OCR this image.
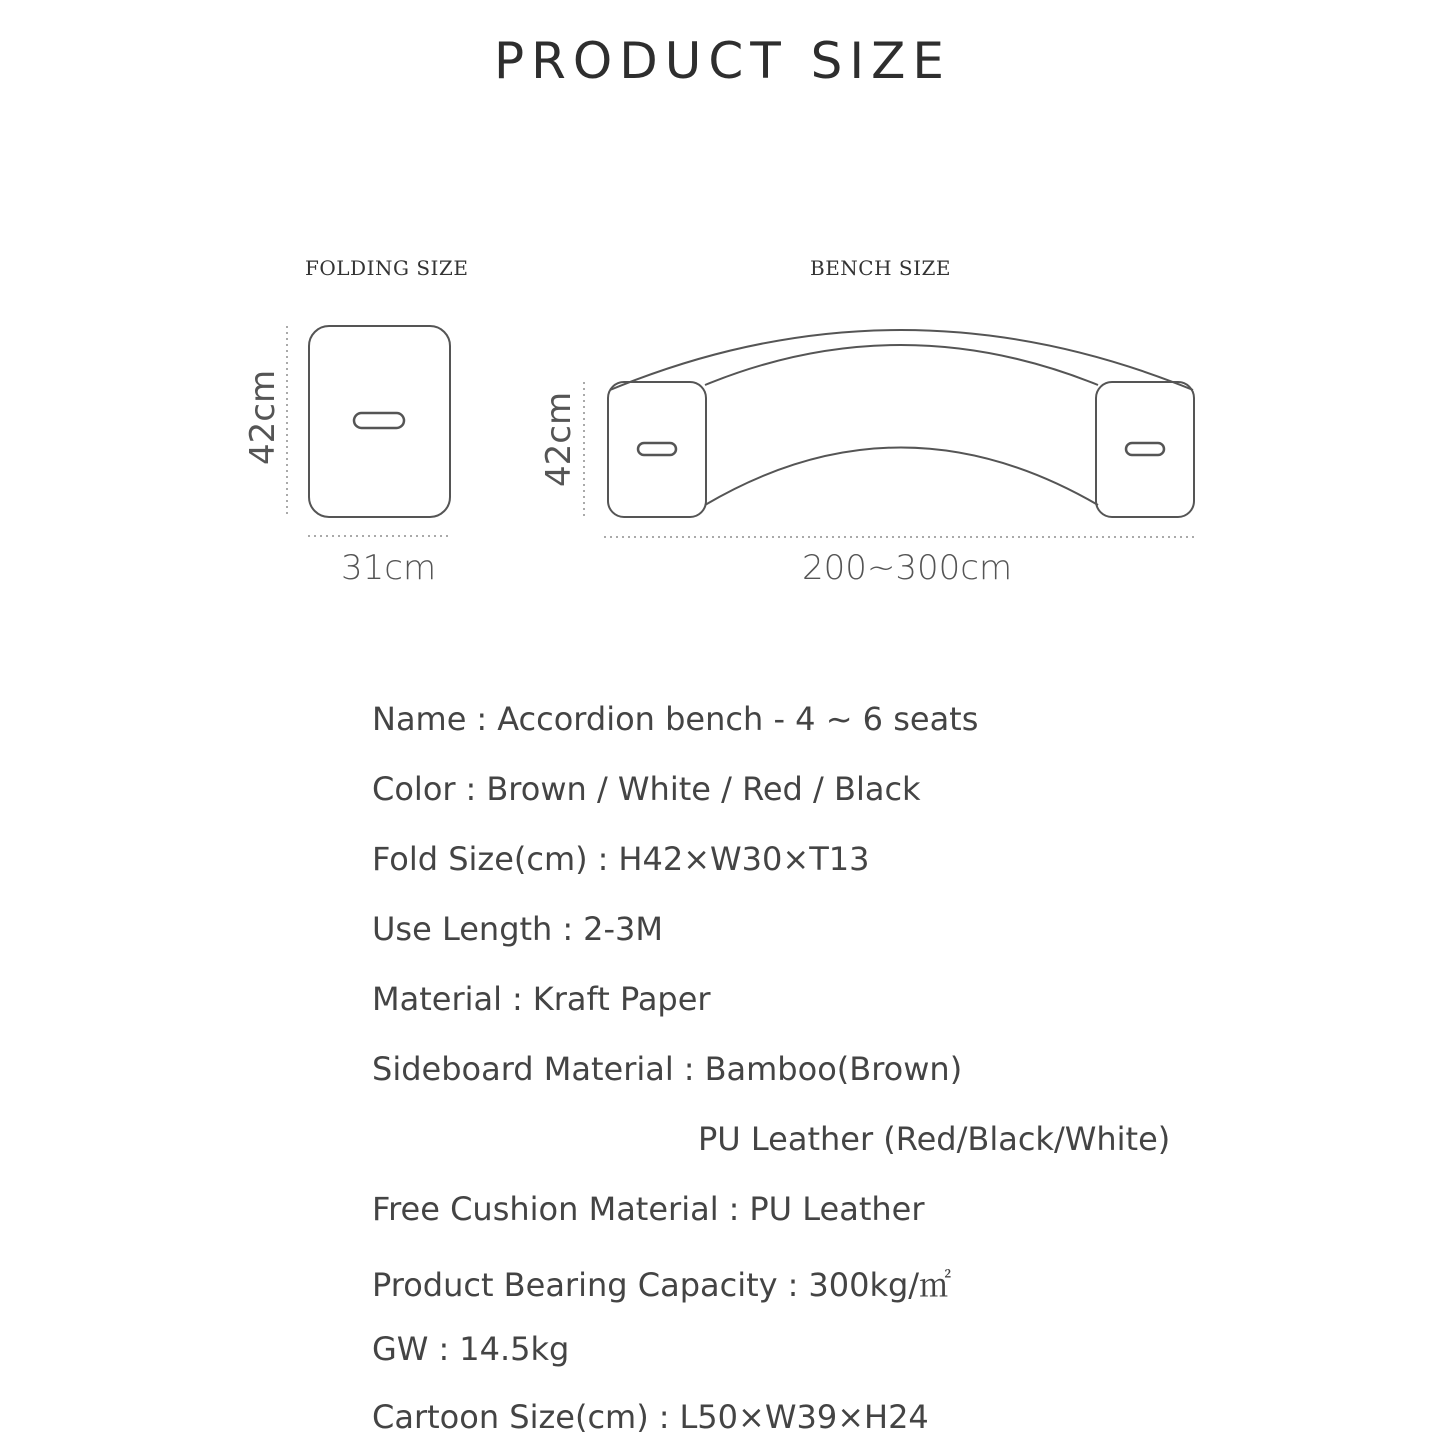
PRODUCT SIZE
FOLDING SIZE	BENCH SIZE
42cm
31cm
42cm
200~300cm
Name : Accordion bench - 4 ~ 6 seats
Color : Brown / White / Red / Black
Fold Size(cm) : H42×W30×T13
Use Length : 2-3M
Material : Kraft Paper
Sideboard Material : Bamboo(Brown)
PU Leather (Red/Black/White)
Free Cushion Material : PU Leather
Product Bearing Capacity : 300kg/㎡
GW : 14.5kg
Cartoon Size(cm) : L50×W39×H24
